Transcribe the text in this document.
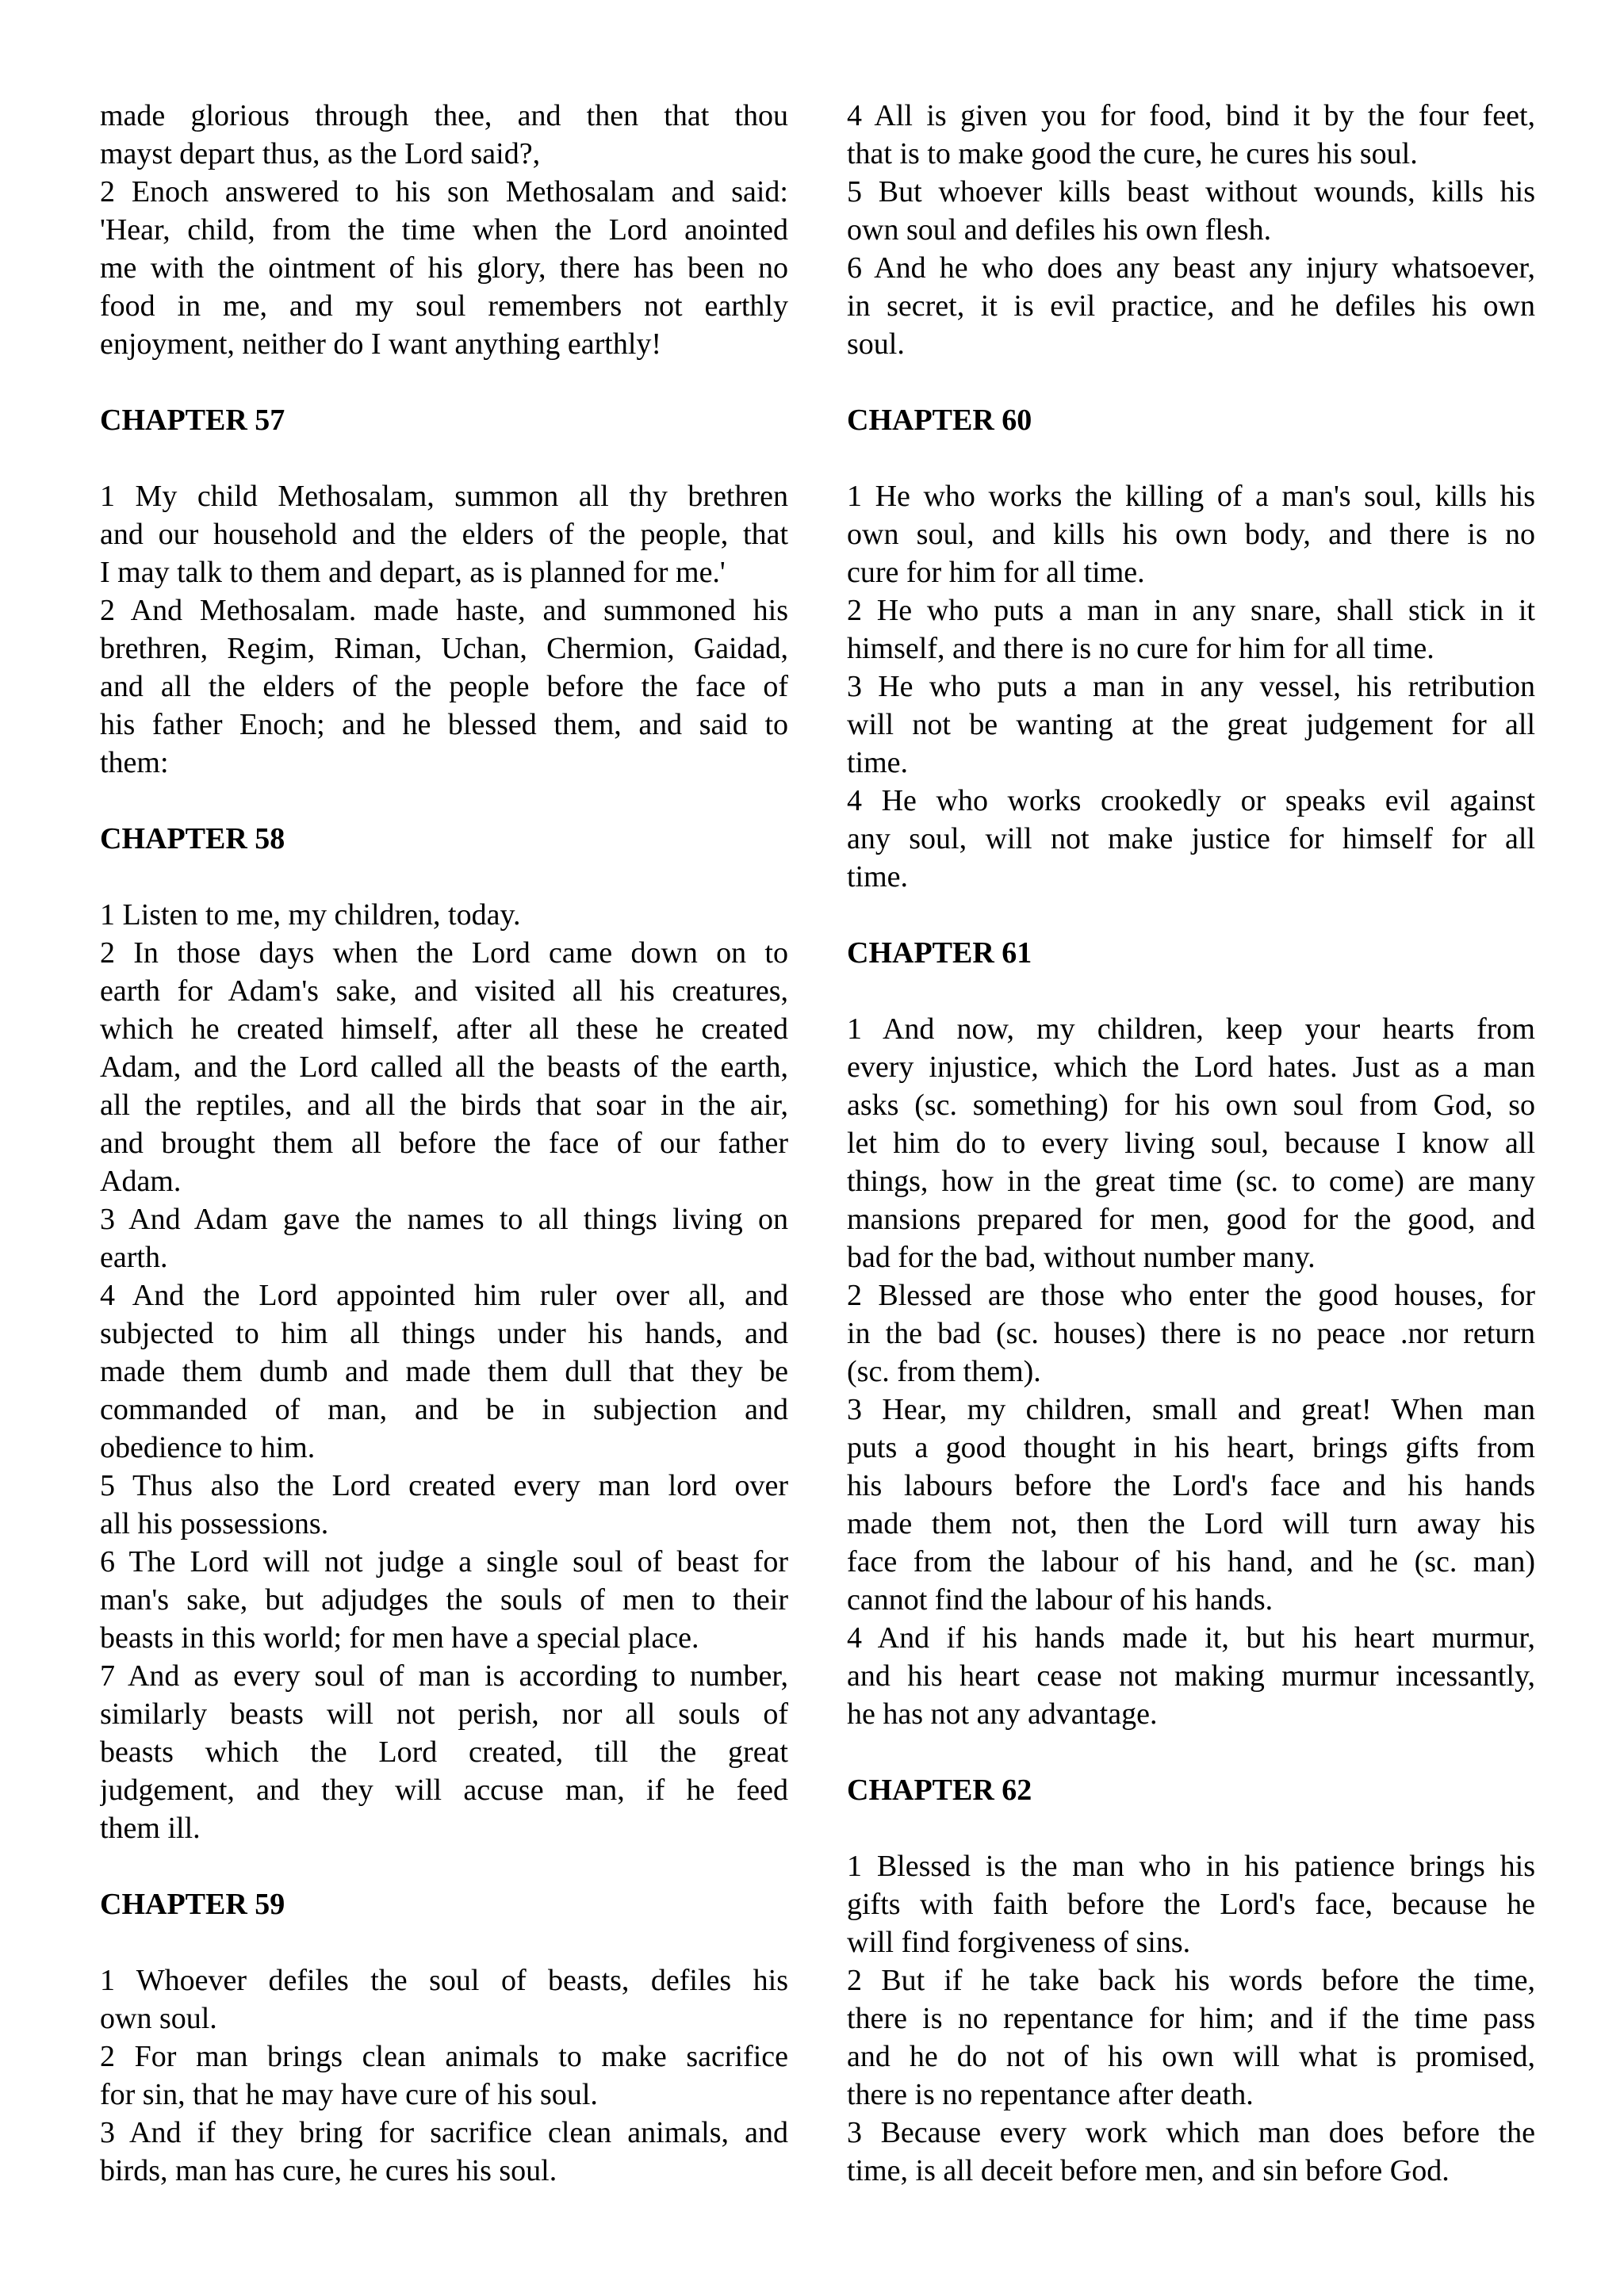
made glorious through thee, and then that thou
mayst depart thus, as the Lord said?,
2 Enoch answered to his son Methosalam and said:
'Hear, child, from the time when the Lord anointed
me with the ointment of his glory, there has been no
food in me, and my soul remembers not earthly
enjoyment, neither do I want anything earthly!
CHAPTER 57
1 My child Methosalam, summon all thy brethren
and our household and the elders of the people, that
I may talk to them and depart, as is planned for me.'
2 And Methosalam. made haste, and summoned his
brethren, Regim, Riman, Uchan, Chermion, Gaidad,
and all the elders of the people before the face of
his father Enoch; and he blessed them, and said to
them:
CHAPTER 58
1 Listen to me, my children, today.
2 In those days when the Lord came down on to
earth for Adam's sake, and visited all his creatures,
which he created himself, after all these he created
Adam, and the Lord called all the beasts of the earth,
all the reptiles, and all the birds that soar in the air,
and brought them all before the face of our father
Adam.
3 And Adam gave the names to all things living on
earth.
4 And the Lord appointed him ruler over all, and
subjected to him all things under his hands, and
made them dumb and made them dull that they be
commanded of man, and be in subjection and
obedience to him.
5 Thus also the Lord created every man lord over
all his possessions.
6 The Lord will not judge a single soul of beast for
man's sake, but adjudges the souls of men to their
beasts in this world; for men have a special place.
7 And as every soul of man is according to number,
similarly beasts will not perish, nor all souls of
beasts which the Lord created, till the great
judgement, and they will accuse man, if he feed
them ill.
CHAPTER 59
1 Whoever defiles the soul of beasts, defiles his
own soul.
2 For man brings clean animals to make sacrifice
for sin, that he may have cure of his soul.
3 And if they bring for sacrifice clean animals, and
birds, man has cure, he cures his soul.
4 All is given you for food, bind it by the four feet,
that is to make good the cure, he cures his soul.
5 But whoever kills beast without wounds, kills his
own soul and defiles his own flesh.
6 And he who does any beast any injury whatsoever,
in secret, it is evil practice, and he defiles his own
soul.
CHAPTER 60
1 He who works the killing of a man's soul, kills his
own soul, and kills his own body, and there is no
cure for him for all time.
2 He who puts a man in any snare, shall stick in it
himself, and there is no cure for him for all time.
3 He who puts a man in any vessel, his retribution
will not be wanting at the great judgement for all
time.
4 He who works crookedly or speaks evil against
any soul, will not make justice for himself for all
time.
CHAPTER 61
1 And now, my children, keep your hearts from
every injustice, which the Lord hates. Just as a man
asks (sc. something) for his own soul from God, so
let him do to every living soul, because I know all
things, how in the great time (sc. to come) are many
mansions prepared for men, good for the good, and
bad for the bad, without number many.
2 Blessed are those who enter the good houses, for
in the bad (sc. houses) there is no peace .nor return
(sc. from them).
3 Hear, my children, small and great! When man
puts a good thought in his heart, brings gifts from
his labours before the Lord's face and his hands
made them not, then the Lord will turn away his
face from the labour of his hand, and he (sc. man)
cannot find the labour of his hands.
4 And if his hands made it, but his heart murmur,
and his heart cease not making murmur incessantly,
he has not any advantage.
CHAPTER 62
1 Blessed is the man who in his patience brings his
gifts with faith before the Lord's face, because he
will find forgiveness of sins.
2 But if he take back his words before the time,
there is no repentance for him; and if the time pass
and he do not of his own will what is promised,
there is no repentance after death.
3 Because every work which man does before the
time, is all deceit before men, and sin before God.
